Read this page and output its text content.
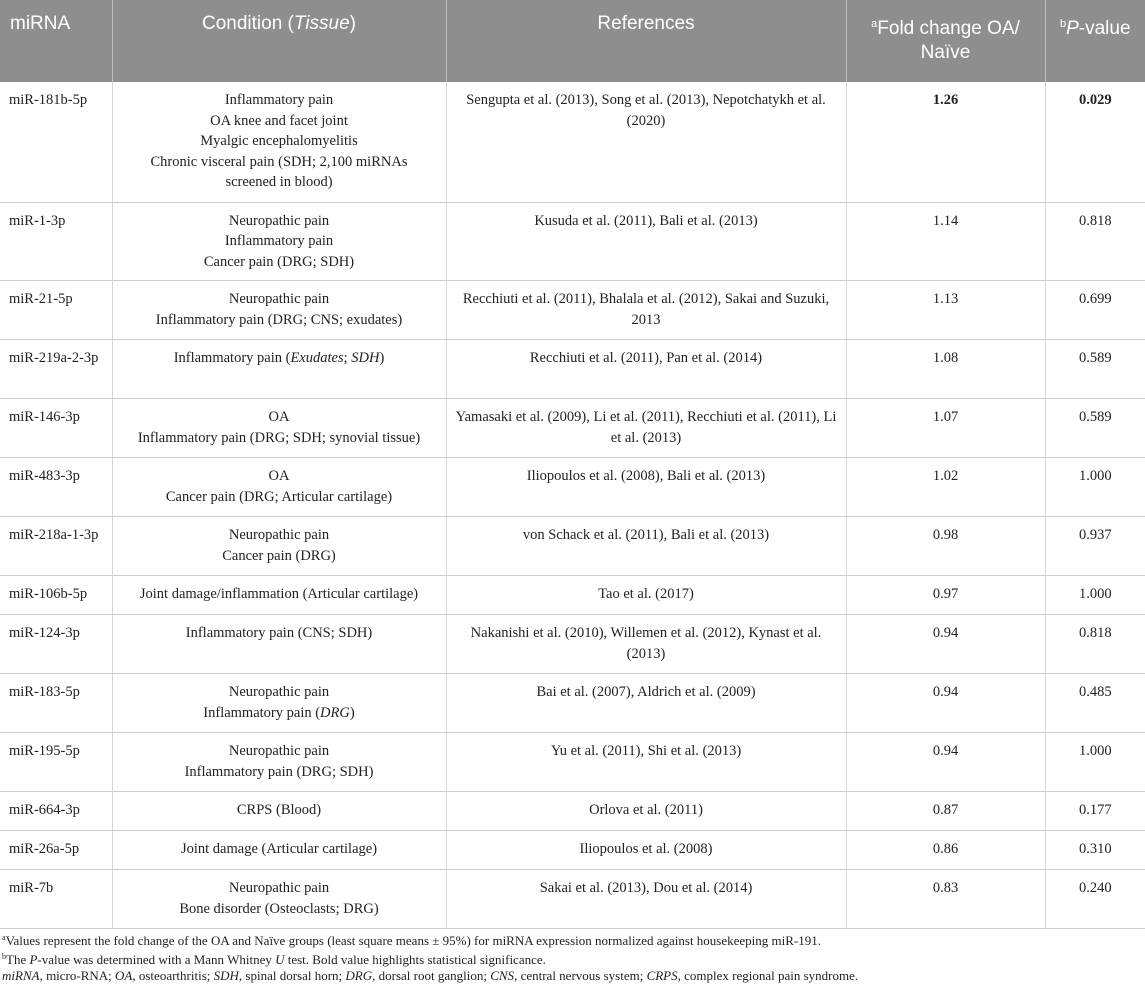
miRNA	Condition (Tissue)	References	$^a$Fold change OA/ Naïve	$^b$P-value
miR-181b-5p	Inflammatory pain
OA knee and facet joint
Myalgic encephalomyelitis
Chronic visceral pain (SDH; 2,100 miRNAs
screened in blood)	Sengupta et al. (2013), Song et al. (2013), Nepotchatykh et al. (2020)	1.26	0.029
miR-1-3p	Neuropathic pain
Inflammatory pain
Cancer pain (DRG; SDH)	Kusuda et al. (2011), Bali et al. (2013)	1.14	0.818
miR-21-5p	Neuropathic pain
Inflammatory pain (DRG; CNS; exudates)	Recchiuti et al. (2011), Bhalala et al. (2012), Sakai and Suzuki, 2013	1.13	0.699
miR-219a-2-3p	Inflammatory pain (Exudates; SDH)	Recchiuti et al. (2011), Pan et al. (2014)	1.08	0.589
miR-146-3p	OA
Inflammatory pain (DRG; SDH; synovial tissue)	Yamasaki et al. (2009), Li et al. (2011), Recchiuti et al. (2011), Li et al. (2013)	1.07	0.589
miR-483-3p	OA
Cancer pain (DRG; Articular cartilage)	Iliopoulos et al. (2008), Bali et al. (2013)	1.02	1.000
miR-218a-1-3p	Neuropathic pain
Cancer pain (DRG)	von Schack et al. (2011), Bali et al. (2013)	0.98	0.937
miR-106b-5p	Joint damage/inflammation (Articular cartilage)	Tao et al. (2017)	0.97	1.000
miR-124-3p	Inflammatory pain (CNS; SDH)	Nakanishi et al. (2010), Willemen et al. (2012), Kynast et al. (2013)	0.94	0.818
miR-183-5p	Neuropathic pain
Inflammatory pain (DRG)	Bai et al. (2007), Aldrich et al. (2009)	0.94	0.485
miR-195-5p	Neuropathic pain
Inflammatory pain (DRG; SDH)	Yu et al. (2011), Shi et al. (2013)	0.94	1.000
miR-664-3p	CRPS (Blood)	Orlova et al. (2011)	0.87	0.177
miR-26a-5p	Joint damage (Articular cartilage)	Iliopoulos et al. (2008)	0.86	0.310
miR-7b	Neuropathic pain
Bone disorder (Osteoclasts; DRG)	Sakai et al. (2013), Dou et al. (2014)	0.83	0.240
$^a$Values represent the fold change of the OA and Naïve groups (least square means ± 95%) for miRNA expression normalized against housekeeping miR-191.
$^b$The P-value was determined with a Mann Whitney U test. Bold value highlights statistical significance.
miRNA, micro-RNA; OA, osteoarthritis; SDH, spinal dorsal horn; DRG, dorsal root ganglion; CNS, central nervous system; CRPS, complex regional pain syndrome.
